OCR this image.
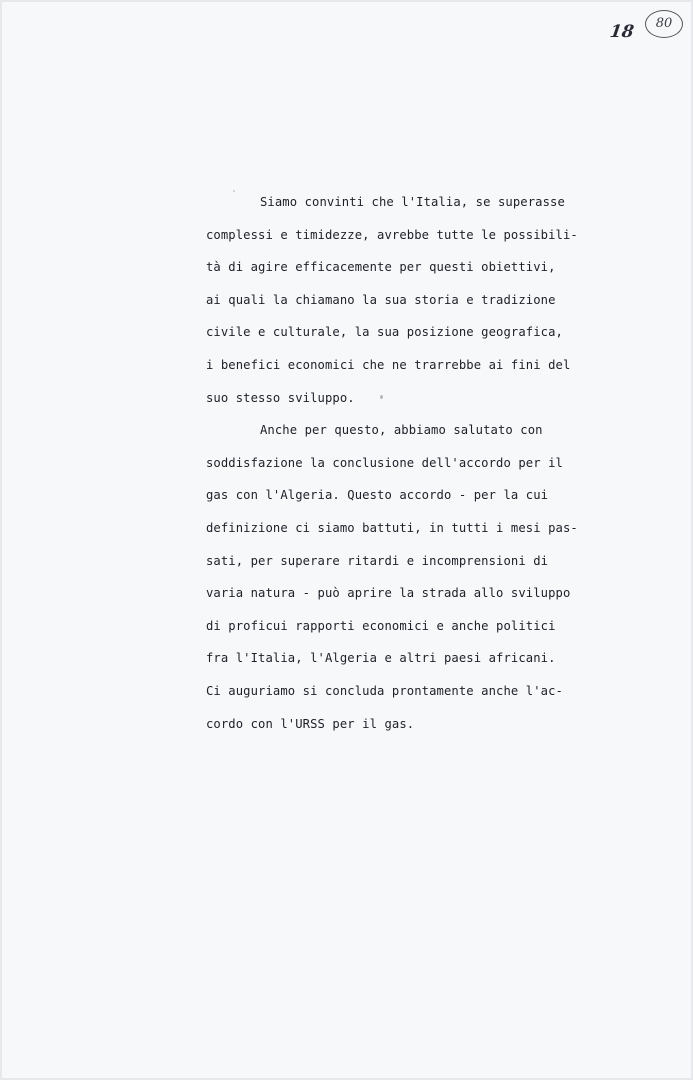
18	80
Siamo convinti che l'Italia, se superasse
complessi e timidezze, avrebbe tutte le possibili-
tà di agire efficacemente per questi obiettivi,
ai quali la chiamano la sua storia e tradizione
civile e culturale, la sua posizione geografica,
i benefici economici che ne trarrebbe ai fini del
suo stesso sviluppo.
Anche per questo, abbiamo salutato con
soddisfazione la conclusione dell'accordo per il
gas con l'Algeria. Questo accordo - per la cui
definizione ci siamo battuti, in tutti i mesi pas-
sati, per superare ritardi e incomprensioni di
varia natura - può aprire la strada allo sviluppo
di proficui rapporti economici e anche politici
fra l'Italia, l'Algeria e altri paesi africani.
Ci auguriamo si concluda prontamente anche l'ac-
cordo con l'URSS per il gas.
